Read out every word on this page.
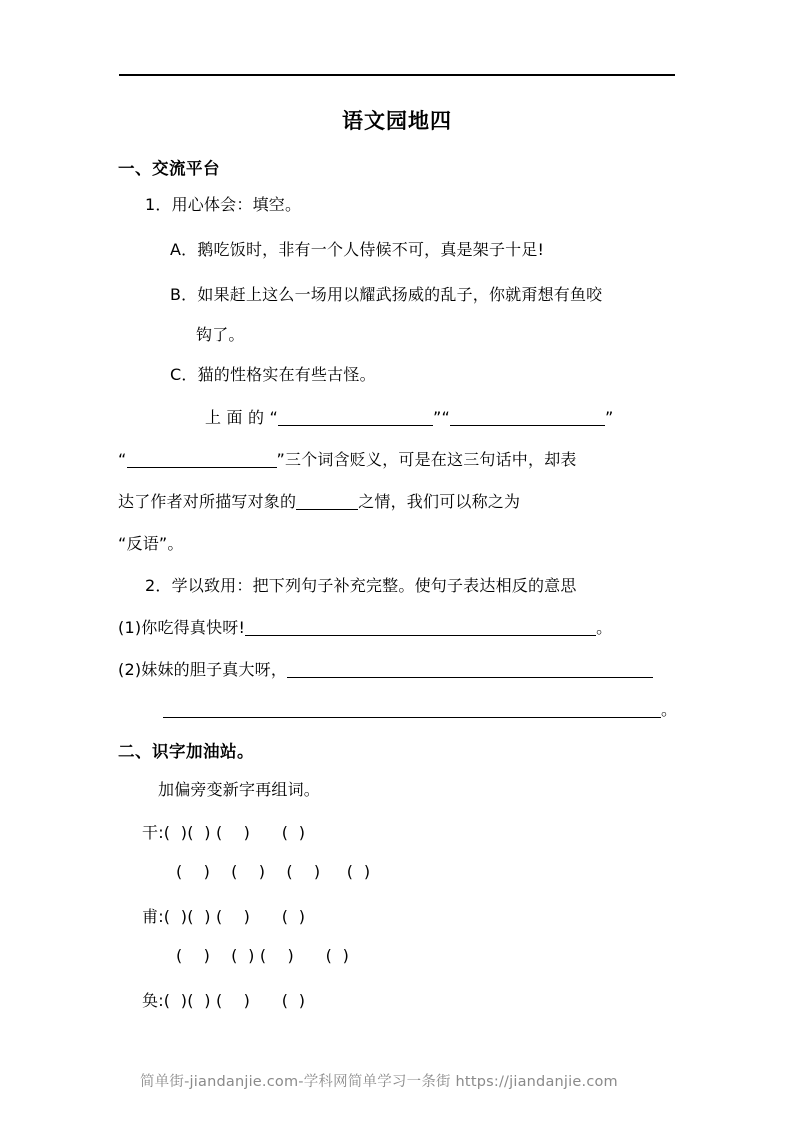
语文园地四
一、交流平台
1．用心体会：填空。
A．鹅吃饭时，非有一个人侍候不可，真是架子十足!
B．如果赶上这么一场用以耀武扬威的乱子，你就甭想有鱼咬
钩了。
C．猫的性格实在有些古怪。
上面的“	”“	”
“	”三个词含贬义，可是在这三句话中，却表
达了作者对所描写对象的	之情，我们可以称之为
“反语”。
2．学以致用：把下列句子补充完整。使句子表达相反的意思
(1)你吃得真快呀!	。
(2)妹妹的胆子真大呀，
。
二、识字加油站。
加偏旁变新字再组词。
干:(  )(  ) (    )      (  )
(    )    (    )    (    )     (  )
甫:(  )(  ) (    )      (  )
(    )    (  ) (    )      (  )
奂:(  )(  ) (    )      (  )
简单街-jiandanjie.com-学科网简单学习一条街 https://jiandanjie.com
